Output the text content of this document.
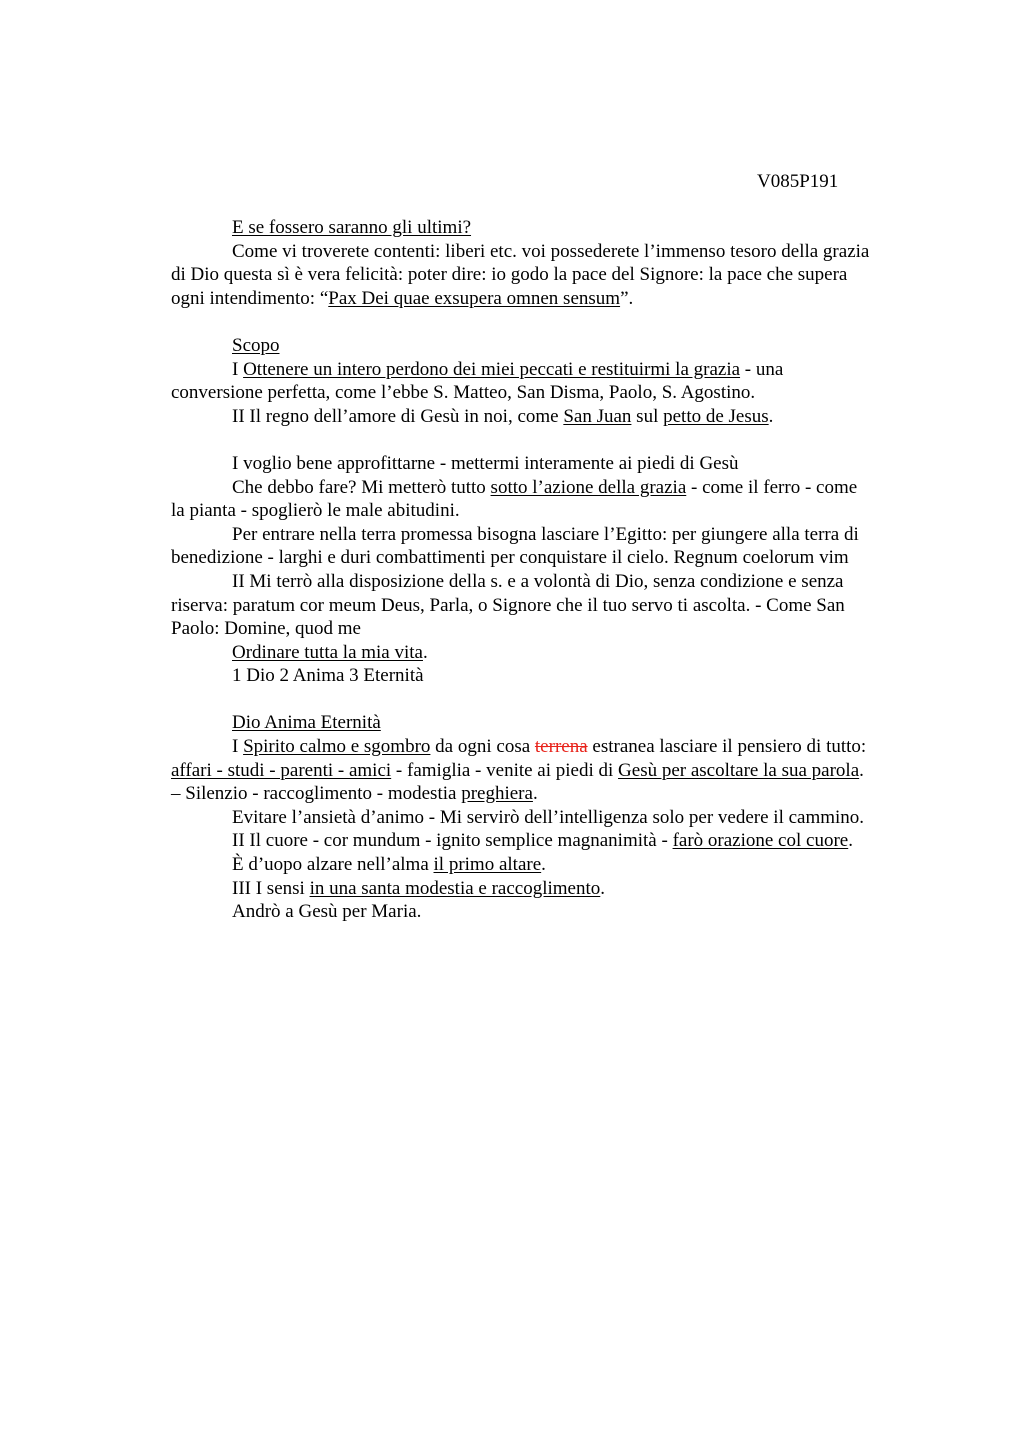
V085P191

E se fossero saranno gli ultimi?

Come vi troverete contenti: liberi etc. voi possederete l’immenso tesoro della grazia

di Dio questa sì è vera felicità: poter dire: io godo la pace del Signore: la pace che supera

ogni intendimento: “Pax Dei quae exsupera omnen sensum”.

Scopo

I Ottenere un intero perdono dei miei peccati e restituirmi la grazia - una

conversione perfetta, come l’ebbe S. Matteo, San Disma, Paolo, S. Agostino.

II Il regno dell’amore di Gesù in noi, come San Juan sul petto de Jesus.

I voglio bene approfittarne - mettermi interamente ai piedi di Gesù

Che debbo fare? Mi metterò tutto sotto l’azione della grazia - come il ferro - come

la pianta - spoglierò le male abitudini.

Per entrare nella terra promessa bisogna lasciare l’Egitto: per giungere alla terra di

benedizione - larghi e duri combattimenti per conquistare il cielo. Regnum coelorum vim

II Mi terrò alla disposizione della s. e a volontà di Dio, senza condizione e senza

riserva: paratum cor meum Deus, Parla, o Signore che il tuo servo ti ascolta. - Come San

Paolo: Domine, quod me

Ordinare tutta la mia vita.

1 Dio 2 Anima 3 Eternità

Dio Anima Eternità

I Spirito calmo e sgombro da ogni cosa terrena estranea lasciare il pensiero di tutto:

affari - studi - parenti - amici - famiglia - venite ai piedi di Gesù per ascoltare la sua parola.

– Silenzio - raccoglimento - modestia preghiera.

Evitare l’ansietà d’animo - Mi servirò dell’intelligenza solo per vedere il cammino.

II Il cuore - cor mundum - ignito semplice magnanimità - farò orazione col cuore.

È d’uopo alzare nell’alma il primo altare.

III I sensi in una santa modestia e raccoglimento.

Andrò a Gesù per Maria.
